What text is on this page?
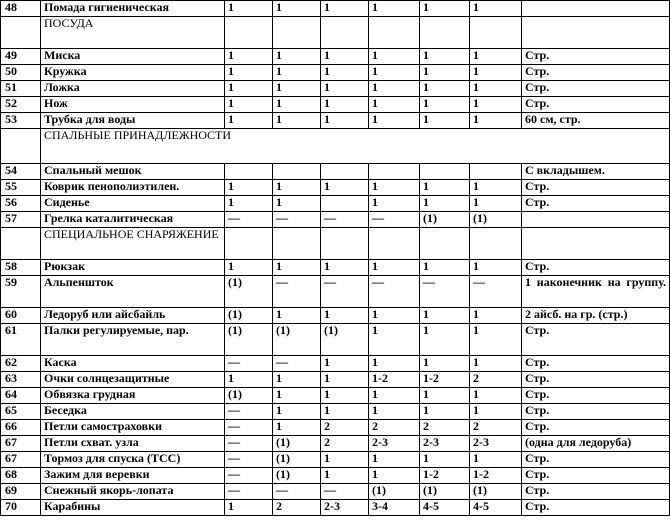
48	Помада гигиеническая	1	1	1	1	1	1	
	ПОСУДА							
49	Миска	1	1	1	1	1	1	Стр.
50	Кружка	1	1	1	1	1	1	Стр.
51	Ложка	1	1	1	1	1	1	Стр.
52	Нож	1	1	1	1	1	1	Стр.
53	Трубка для воды	1	1	1	1	1	1	60 см, стр.
	СПАЛЬНЫЕ ПРИНАДЛЕЖНОСТИ							
54	Спальный мешок							С вкладышем.
55	Коврик пенополиэтилен.	1	1	1	1	1	1	Стр.
56	Сиденье	1	1		1	1	1	Стр.
57	Грелка каталитическая	—	—	—	—	(1)	(1)	
	СПЕЦИАЛЬНОЕ СНАРЯЖЕНИЕ							
58	Рюкзак	1	1	1	1	1	1	Стр.
59	Альпеншток	(1)	—	—	—	—	—	1 наконечник на группу.
60	Ледоруб или айсбайль	(1)	1	1	1	1	1	2 айсб. на гр. (стр.)
61	Палки регулируемые, пар.	(1)	(1)	(1)	1	1	1	Стр.
62	Каска	—	—	1	1	1	1	Стр.
63	Очки солнцезащитные	1	1	1	1-2	1-2	2	Стр.
64	Обвязка грудная	(1)	1	1	1	1	1	Стр.
65	Беседка	—	1	1	1	1	1	Стр.
66	Петли самостраховки	—	1	2	2	2	2	Стр.
67	Петли схват. узла	—	(1)	2	2-3	2-3	2-3	(одна для ледоруба)
67	Тормоз для спуска (ТСС)	—	(1)	1	1	1	1	Стр.
68	Зажим для веревки	—	(1)	1	1	1-2	1-2	Стр.
69	Снежный якорь-лопата	—	—	—	(1)	(1)	(1)	Стр.
70	Карабины	1	2	2-3	3-4	4-5	4-5	Стр.
